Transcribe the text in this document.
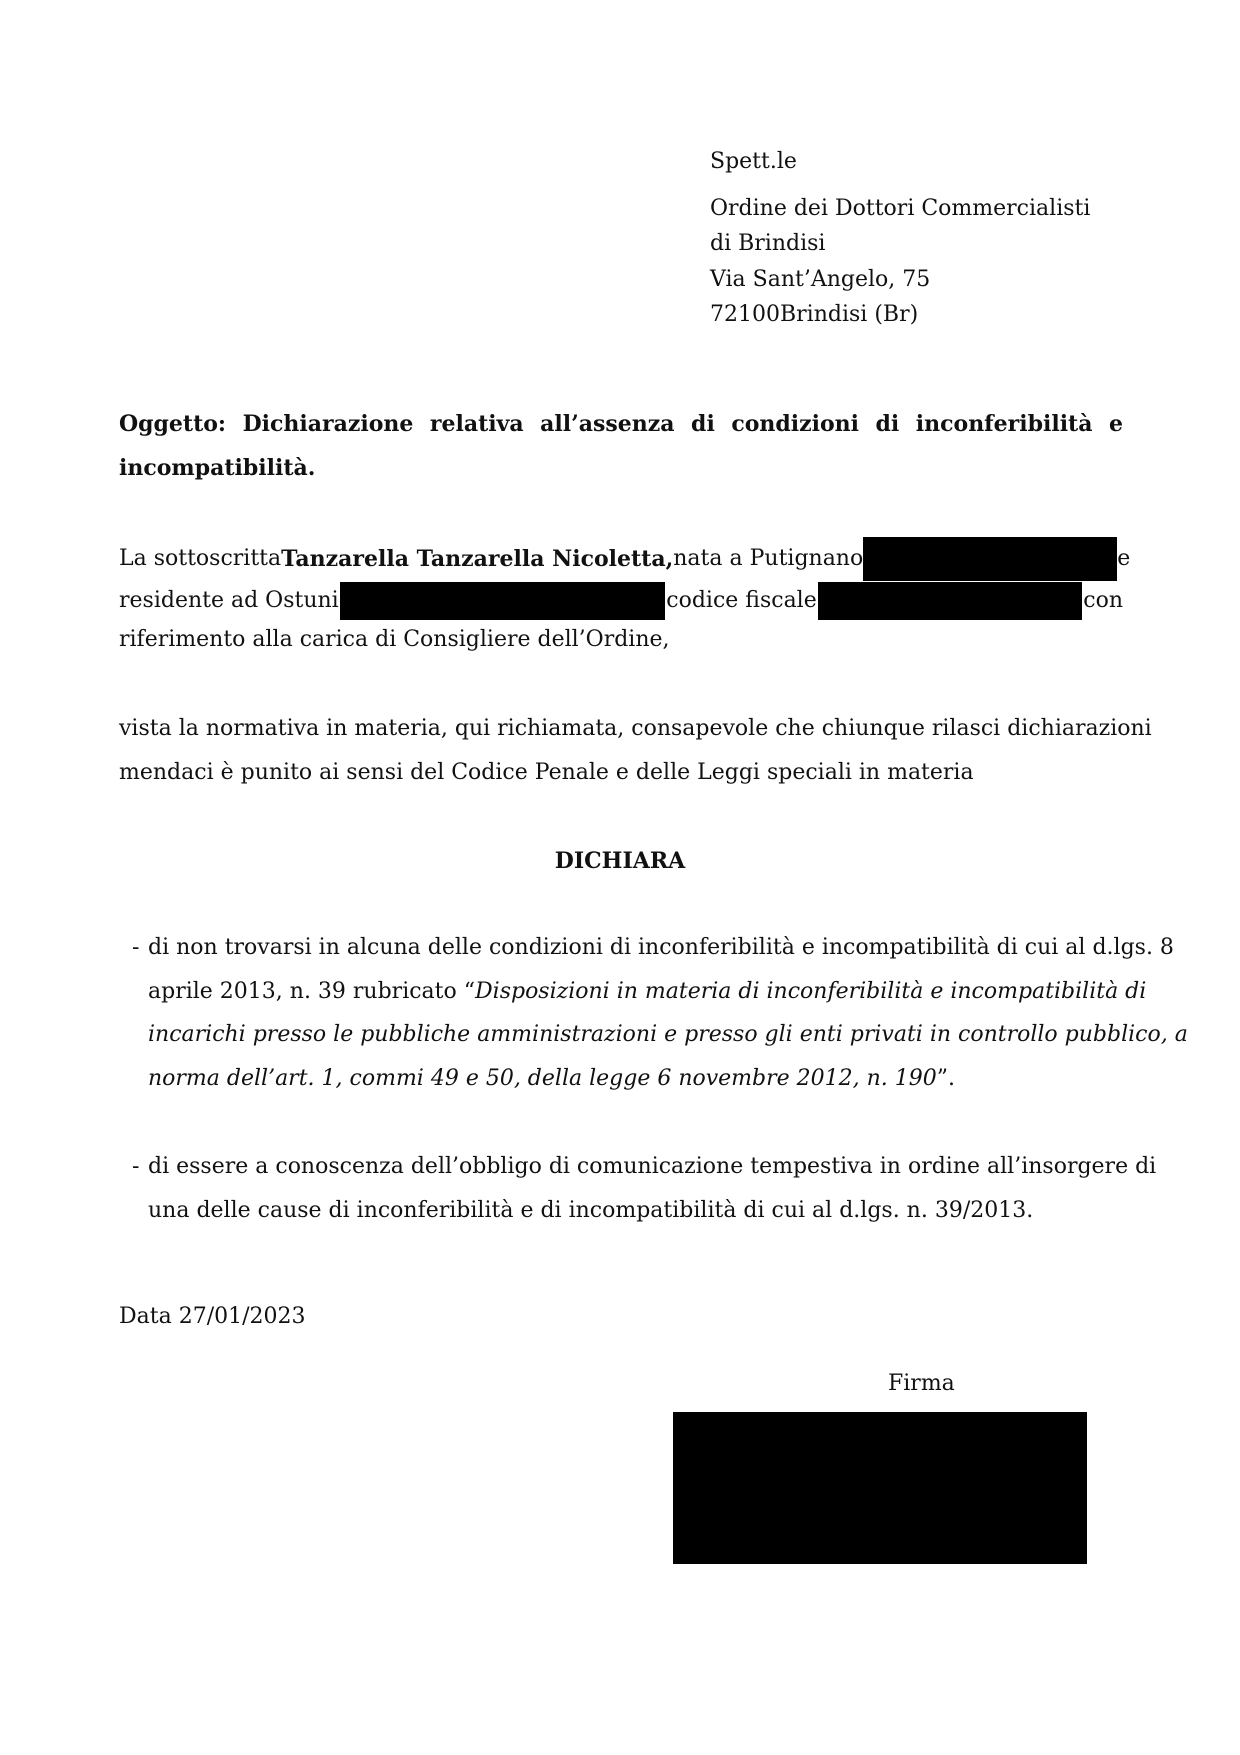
Spett.le
Ordine dei Dottori Commercialisti
di Brindisi
Via Sant’Angelo, 75
72100Brindisi (Br)
Oggetto: Dichiarazione relativa all’assenza di condizioni di inconferibilità e incompatibilità.
La sottoscritta Tanzarella Tanzarella Nicoletta, nata a Putignano	e
residente ad Ostuni	codice fiscale	con
riferimento alla carica di Consigliere dell’Ordine,
vista la normativa in materia, qui richiamata, consapevole che chiunque rilasci dichiarazioni
mendaci è punito ai sensi del Codice Penale e delle Leggi speciali in materia
DICHIARA
- di non trovarsi in alcuna delle condizioni di inconferibilità e incompatibilità di cui al d.lgs. 8
aprile 2013, n. 39 rubricato “ Disposizioni in materia di inconferibilità e incompatibilità di
incarichi presso le pubbliche amministrazioni e presso gli enti privati in controllo pubblico, a
norma dell’art. 1, commi 49 e 50, della legge 6 novembre 2012, n. 190”.
- di essere a conoscenza dell’obbligo di comunicazione tempestiva in ordine all’insorgere di
una delle cause di inconferibilità e di incompatibilità di cui al d.lgs. n. 39/2013.
Data 27/01/2023
Firma
